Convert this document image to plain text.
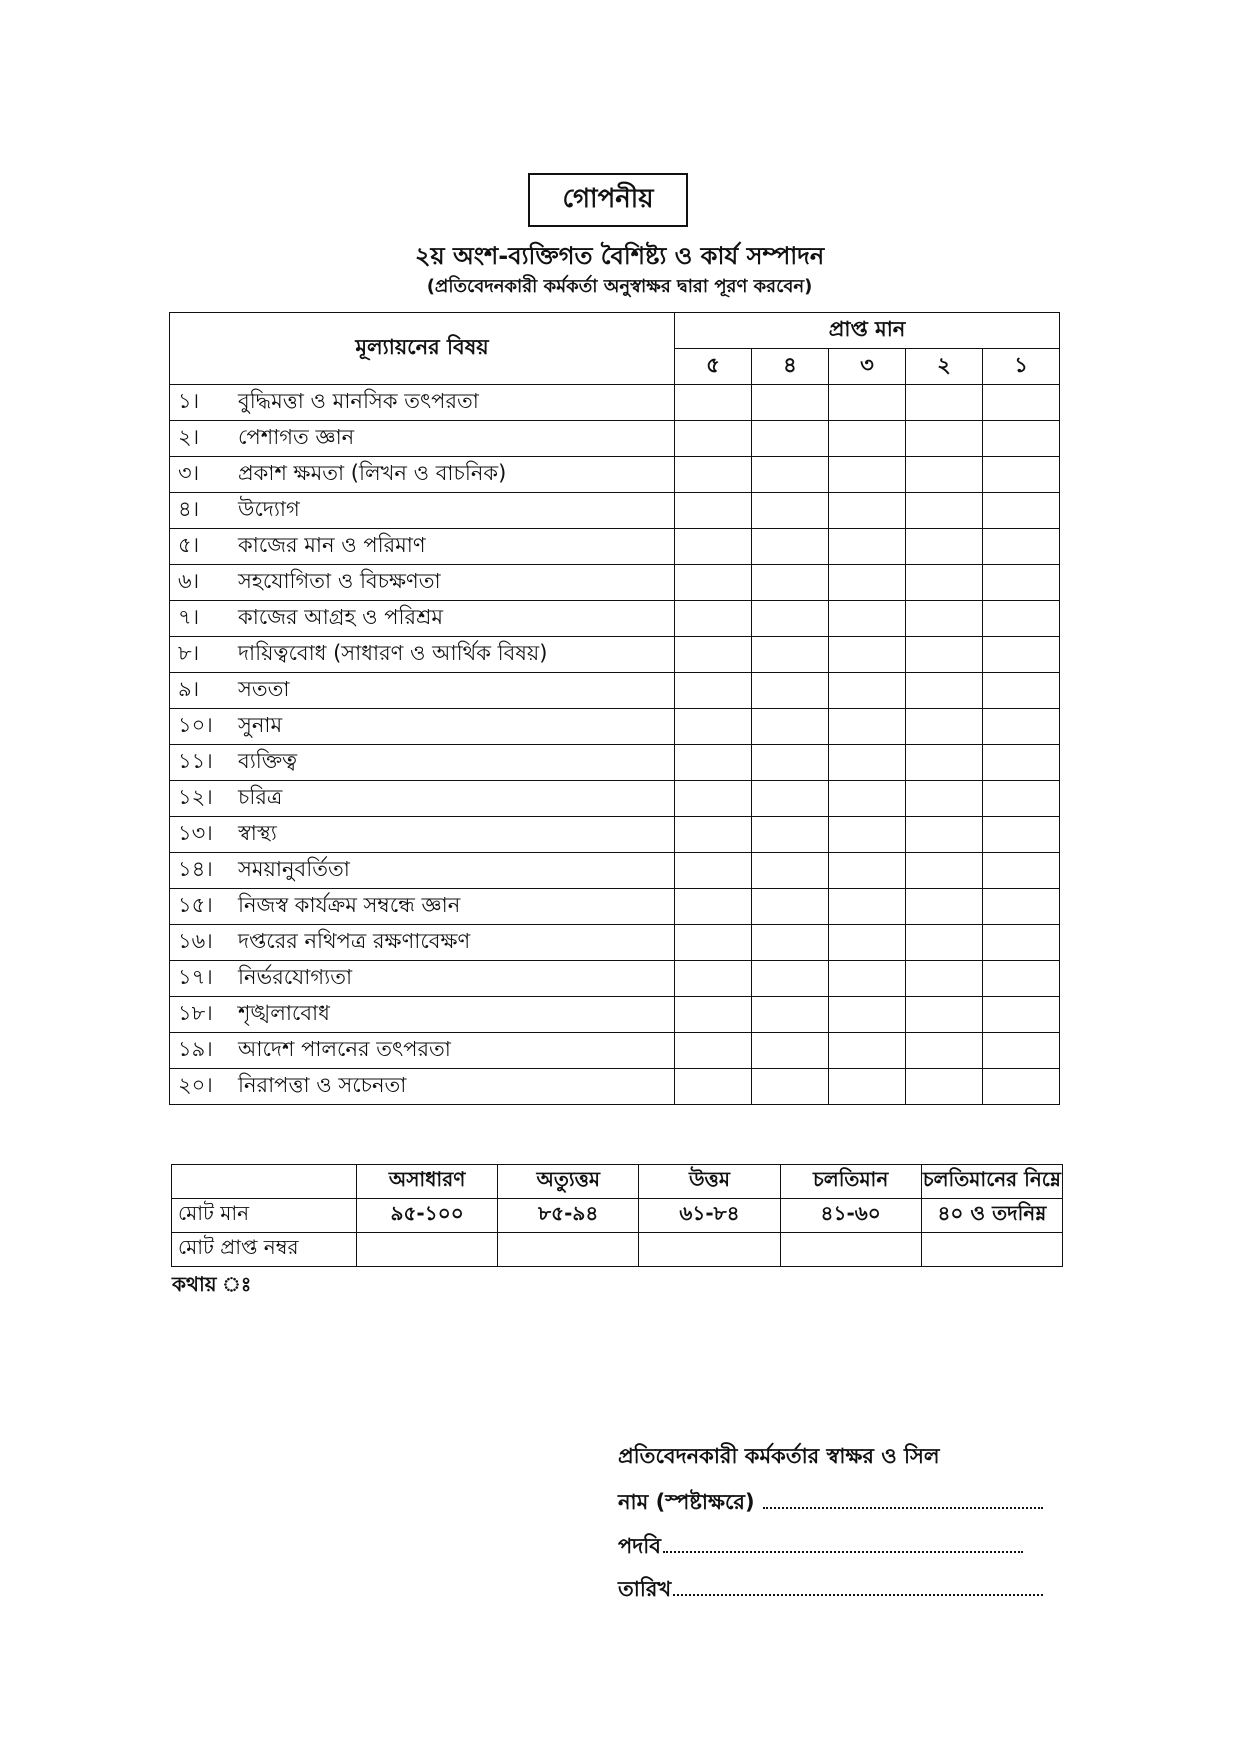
গোপনীয়
২য় অংশ-ব্যক্তিগত বৈশিষ্ট্য ও কার্য সম্পাদন
(প্রতিবেদনকারী কর্মকর্তা অনুস্বাক্ষর দ্বারা পূরণ করবেন)
মূল্যায়নের বিষয়	প্রাপ্ত মান				
	৫	৪	৩	২	১
১। বুদ্ধিমত্তা ও মানসিক তৎপরতা					
২। পেশাগত জ্ঞান					
৩। প্রকাশ ক্ষমতা (লিখন ও বাচনিক)					
৪। উদ্যোগ					
৫। কাজের মান ও পরিমাণ					
৬। সহযোগিতা ও বিচক্ষণতা					
৭। কাজের আগ্রহ ও পরিশ্রম					
৮। দায়িত্ববোধ (সাধারণ ও আর্থিক বিষয়)					
৯। সততা					
১০। সুনাম					
১১। ব্যক্তিত্ব					
১২। চরিত্র					
১৩। স্বাস্থ্য					
১৪। সময়ানুবর্তিতা					
১৫। নিজস্ব কার্যক্রম সম্বন্ধে জ্ঞান					
১৬। দপ্তরের নথিপত্র রক্ষণাবেক্ষণ					
১৭। নির্ভরযোগ্যতা					
১৮। শৃঙ্খলাবোধ					
১৯। আদেশ পালনের তৎপরতা					
২০। নিরাপত্তা ও সচেনতা					
	অসাধারণ	অত্যুত্তম	উত্তম	চলতিমান	চলতিমানের নিম্নে
মোট মান	৯৫-১০০	৮৫-৯৪	৬১-৮৪	৪১-৬০	৪০ ও তদনিম্ন
মোট প্রাপ্ত নম্বর					
কথায় ঃ
প্রতিবেদনকারী কর্মকর্তার স্বাক্ষর ও সিল
নাম (স্পষ্টাক্ষরে)
পদবি
তারিখ
